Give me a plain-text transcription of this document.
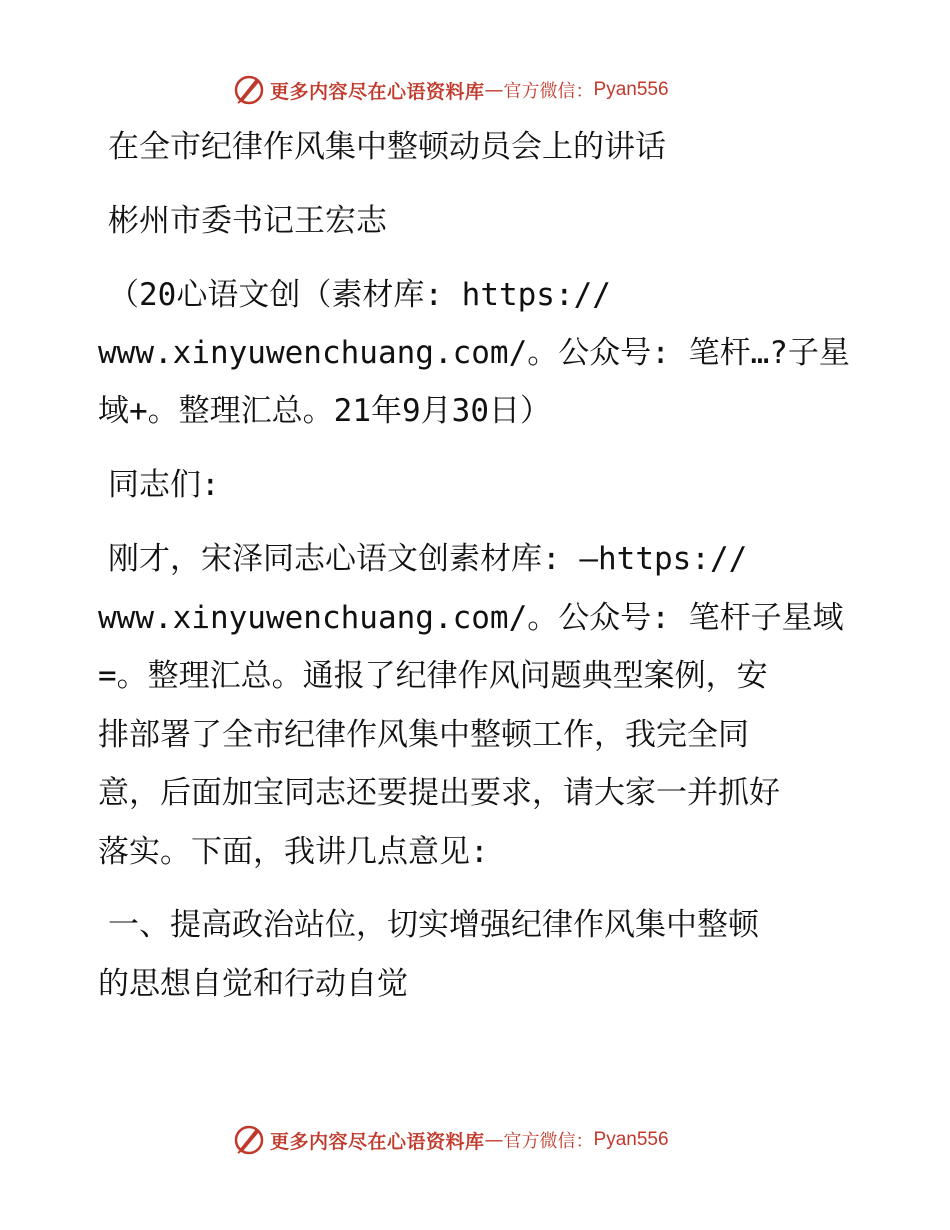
更多内容尽在心语资料库 — 官方微信： Pyan556
在全市纪律作风集中整顿动员会上的讲话
彬州市委书记王宏志
（20心语文创（素材库: https://
www.xinyuwenchuang.com/。公众号: 笔杆…?子星
域+。整理汇总。21年9月30日）
同志们:
刚才，宋泽同志心语文创素材库: —https://
www.xinyuwenchuang.com/。公众号: 笔杆子星域
=。整理汇总。通报了纪律作风问题典型案例，安
排部署了全市纪律作风集中整顿工作，我完全同
意，后面加宝同志还要提出要求，请大家一并抓好
落实。下面，我讲几点意见:
一、提高政治站位，切实增强纪律作风集中整顿
的思想自觉和行动自觉
更多内容尽在心语资料库 — 官方微信： Pyan556
